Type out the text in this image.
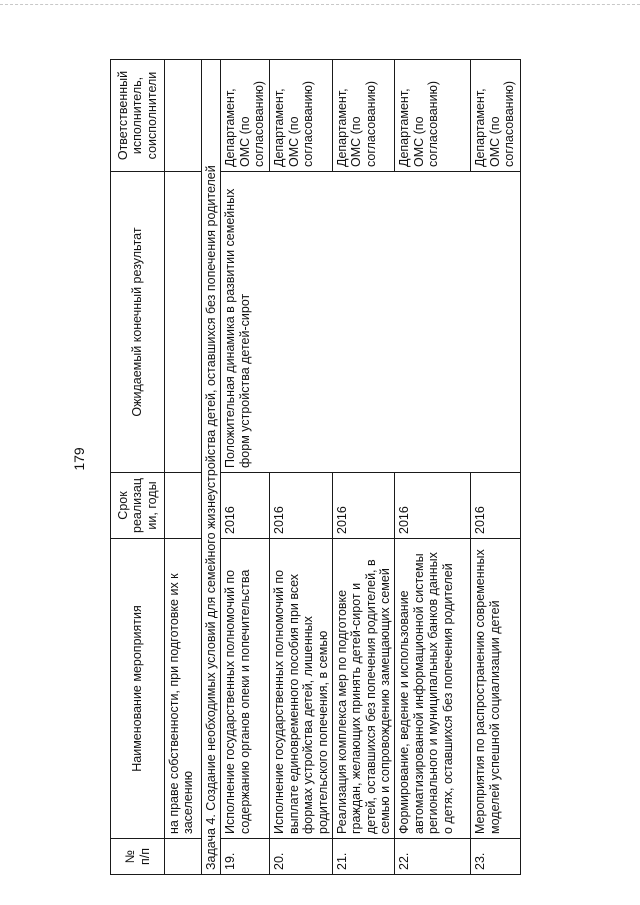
179
№ п/п	Наименование мероприятия	Срок реализации, годы	Ожидаемый конечный результат	Ответственный исполнитель, соисполнители
	на праве собственности, при подготовке их к заселению			
Задача 4. Создание необходимых условий для семейного жизнеустройства детей, оставшихся без попечения родителей				
19.	Исполнение государственных полномочий по содержанию органов опеки и попечительства	2016	Положительная динамика в развитии семейных форм устройства детей-сирот	Департамент, ОМС (по согласованию)
20.	Исполнение государственных полномочий по выплате единовременного пособия при всех формах устройства детей, лишенных родительского попечения, в семью	2016		Департамент, ОМС (по согласованию)
21.	Реализация комплекса мер по подготовке граждан, желающих принять детей-сирот и детей, оставшихся без попечения родителей, в семью и сопровождению замещающих семей	2016		Департамент, ОМС (по согласованию)
22.	Формирование, ведение и использование автоматизированной информационной системы регионального и муниципальных банков данных о детях, оставшихся без попечения родителей	2016		Департамент, ОМС (по согласованию)
23.	Мероприятия по распространению современных моделей успешной социализации детей	2016		Департамент, ОМС (по согласованию)
